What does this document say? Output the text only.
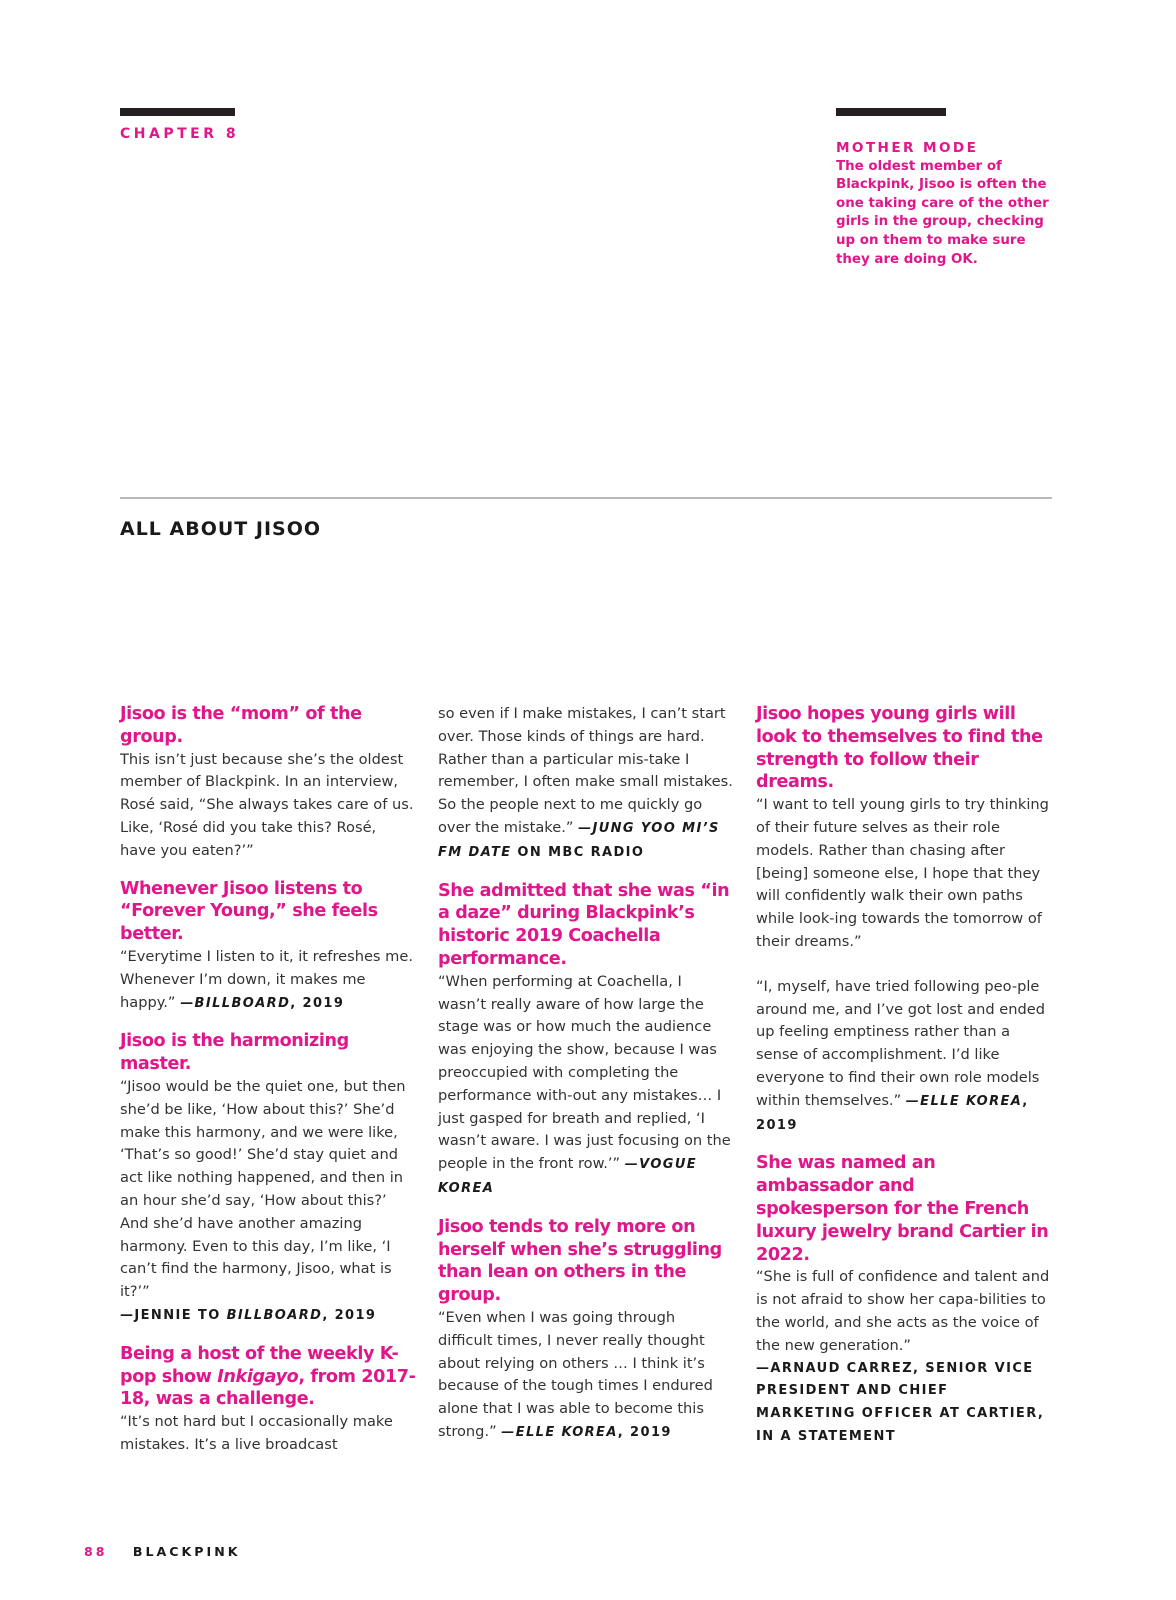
CHAPTER 8
MOTHER MODE
The oldest member of Blackpink, Jisoo is often the one taking care of the other girls in the group, checking up on them to make sure they are doing OK.
ALL ABOUT JISOO

Jisoo is the “mom” of the group.

This isn’t just because she’s the oldest member of Blackpink. In an interview, Rosé said, “She always takes care of us. Like, ‘Rosé did you take this? Rosé, have you eaten?’”

Whenever Jisoo listens to “Forever Young,” she feels better.

“Everytime I listen to it, it refreshes me. Whenever I’m down, it makes me happy.” —BILLBOARD, 2019

Jisoo is the harmonizing master.

“Jisoo would be the quiet one, but then she’d be like, ‘How about this?’ She’d make this harmony, and we were like, ‘That’s so good!’ She’d stay quiet and act like nothing happened, and then in an hour she’d say, ‘How about this?’ And she’d have another amazing harmony. Even to this day, I’m like, ‘I can’t find the harmony, Jisoo, what is it?’”

—JENNIE TO BILLBOARD, 2019

Being a host of the weekly K-pop show Inkigayo, from 2017-18, was a challenge.

“It’s not hard but I occasionally make mistakes. It’s a live broadcast

so even if I make mistakes, I can’t start over. Those kinds of things are hard. Rather than a particular mis-take I remember, I often make small mistakes. So the people next to me quickly go over the mistake.” —JUNG YOO MI’S FM DATE ON MBC RADIO

She admitted that she was “in a daze” during Blackpink’s historic 2019 Coachella performance.

“When performing at Coachella, I wasn’t really aware of how large the stage was or how much the audience was enjoying the show, because I was preoccupied with completing the performance with-out any mistakes… I just gasped for breath and replied, ‘I wasn’t aware. I was just focusing on the people in the front row.’” —VOGUE KOREA

Jisoo tends to rely more on herself when she’s struggling than lean on others in the group.

“Even when I was going through difficult times, I never really thought about relying on others … I think it’s because of the tough times I endured alone that I was able to become this strong.” —ELLE KOREA, 2019

Jisoo hopes young girls will look to themselves to find the strength to follow their dreams.

“I want to tell young girls to try thinking of their future selves as their role models. Rather than chasing after [being] someone else, I hope that they will confidently walk their own paths while look-ing towards the tomorrow of their dreams.”

“I, myself, have tried following peo-ple around me, and I’ve got lost and ended up feeling emptiness rather than a sense of accomplishment. I’d like everyone to find their own role models within themselves.” —ELLE KOREA, 2019

She was named an ambassador and spokesperson for the French luxury jewelry brand Cartier in 2022.

“She is full of confidence and talent and is not afraid to show her capa-bilities to the world, and she acts as the voice of the new generation.”

—ARNAUD CARREZ, SENIOR VICE PRESIDENT AND CHIEF MARKETING OFFICER AT CARTIER, IN A STATEMENT

88 BLACKPINK
